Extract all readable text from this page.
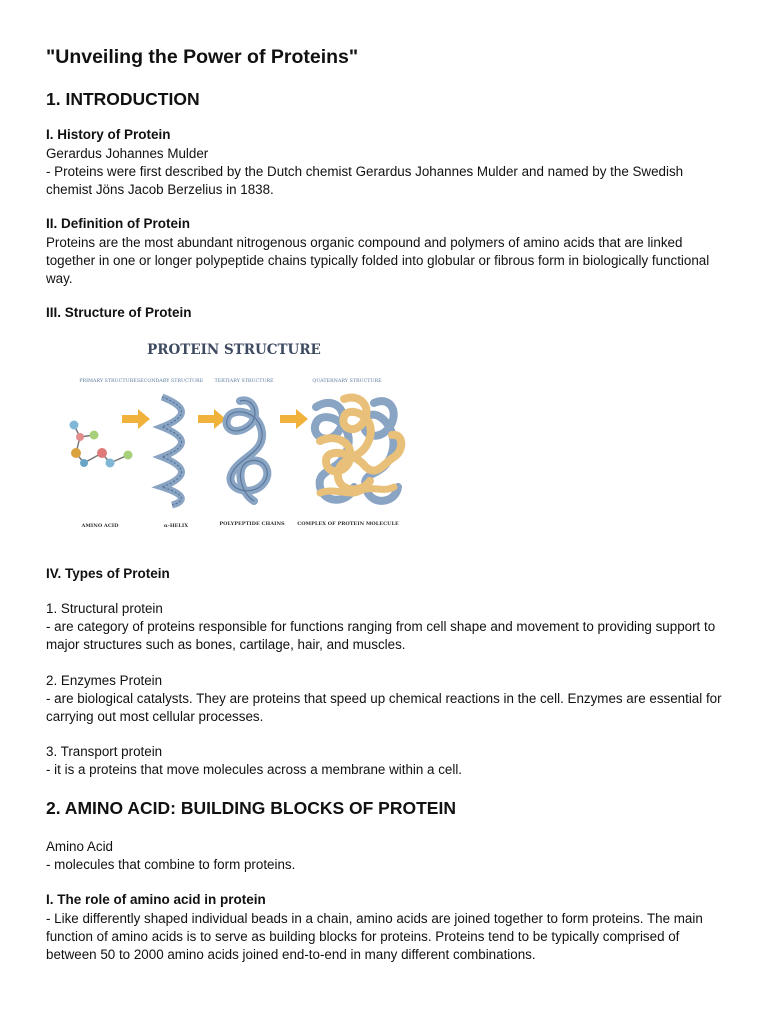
"Unveiling the Power of Proteins"
1. INTRODUCTION
I. History of Protein

Gerardus Johannes Mulder

- Proteins were first described by the Dutch chemist Gerardus Johannes Mulder and named by the Swedish chemist Jöns Jacob Berzelius in 1838.

II. Definition of Protein

Proteins are the most abundant nitrogenous organic compound and polymers of amino acids that are linked together in one or longer polypeptide chains typically folded into globular or fibrous form in biologically functional way.

III. Structure of Protein
PROTEIN STRUCTURE
PRIMARY STRUCTURE SECONDARY STRUCTURE TERTIARY STRUCTURE	QUATERNARY STRUCTURE
AMINO ACID	α-HELIX	POLYPEPTIDE CHAINS	COMPLEX OF PROTEIN MOLECULE
IV. Types of Protein

1. Structural protein

- are category of proteins responsible for functions ranging from cell shape and movement to providing support to major structures such as bones, cartilage, hair, and muscles.

2. Enzymes Protein

- are biological catalysts. They are proteins that speed up chemical reactions in the cell. Enzymes are essential for carrying out most cellular processes.

3. Transport protein

- it is a proteins that move molecules across a membrane within a cell.

2. AMINO ACID: BUILDING BLOCKS OF PROTEIN

Amino Acid

- molecules that combine to form proteins.

I. The role of amino acid in protein

- Like differently shaped individual beads in a chain, amino acids are joined together to form proteins. The main function of amino acids is to serve as building blocks for proteins. Proteins tend to be typically comprised of between 50 to 2000 amino acids joined end-to-end in many different combinations.
